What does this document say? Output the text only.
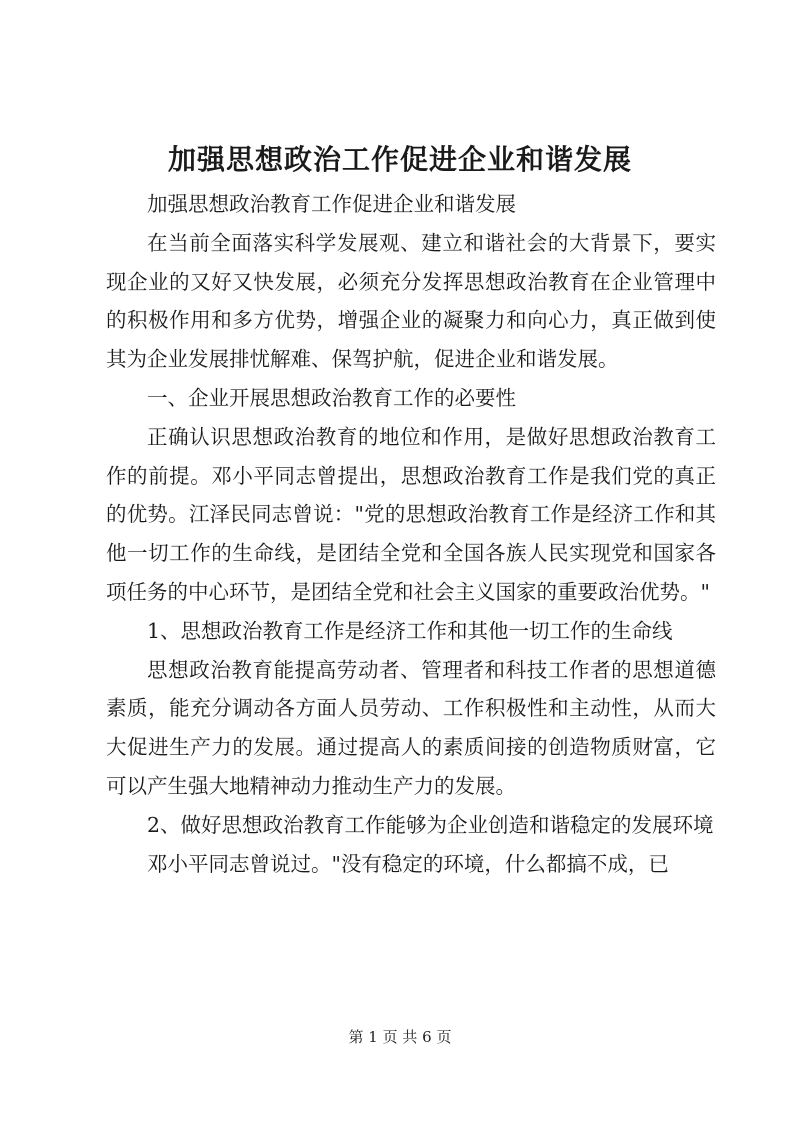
加强思想政治工作促进企业和谐发展

加强思想政治教育工作促进企业和谐发展

在当前全面落实科学发展观、建立和谐社会的大背景下，要实现企业的又好又快发展，必须充分发挥思想政治教育在企业管理中的积极作用和多方优势，增强企业的凝聚力和向心力，真正做到使其为企业发展排忧解难、保驾护航，促进企业和谐发展。

一、企业开展思想政治教育工作的必要性

正确认识思想政治教育的地位和作用，是做好思想政治教育工作的前提。邓小平同志曾提出，思想政治教育工作是我们党的真正的优势。江泽民同志曾说："党的思想政治教育工作是经济工作和其他一切工作的生命线，是团结全党和全国各族人民实现党和国家各项任务的中心环节，是团结全党和社会主义国家的重要政治优势。"

1、思想政治教育工作是经济工作和其他一切工作的生命线

思想政治教育能提高劳动者、管理者和科技工作者的思想道德素质，能充分调动各方面人员劳动、工作积极性和主动性，从而大大促进生产力的发展。通过提高人的素质间接的创造物质财富，它可以产生强大地精神动力推动生产力的发展。

2、做好思想政治教育工作能够为企业创造和谐稳定的发展环境

邓小平同志曾说过。"没有稳定的环境，什么都搞不成，已

第 1 页 共 6 页
